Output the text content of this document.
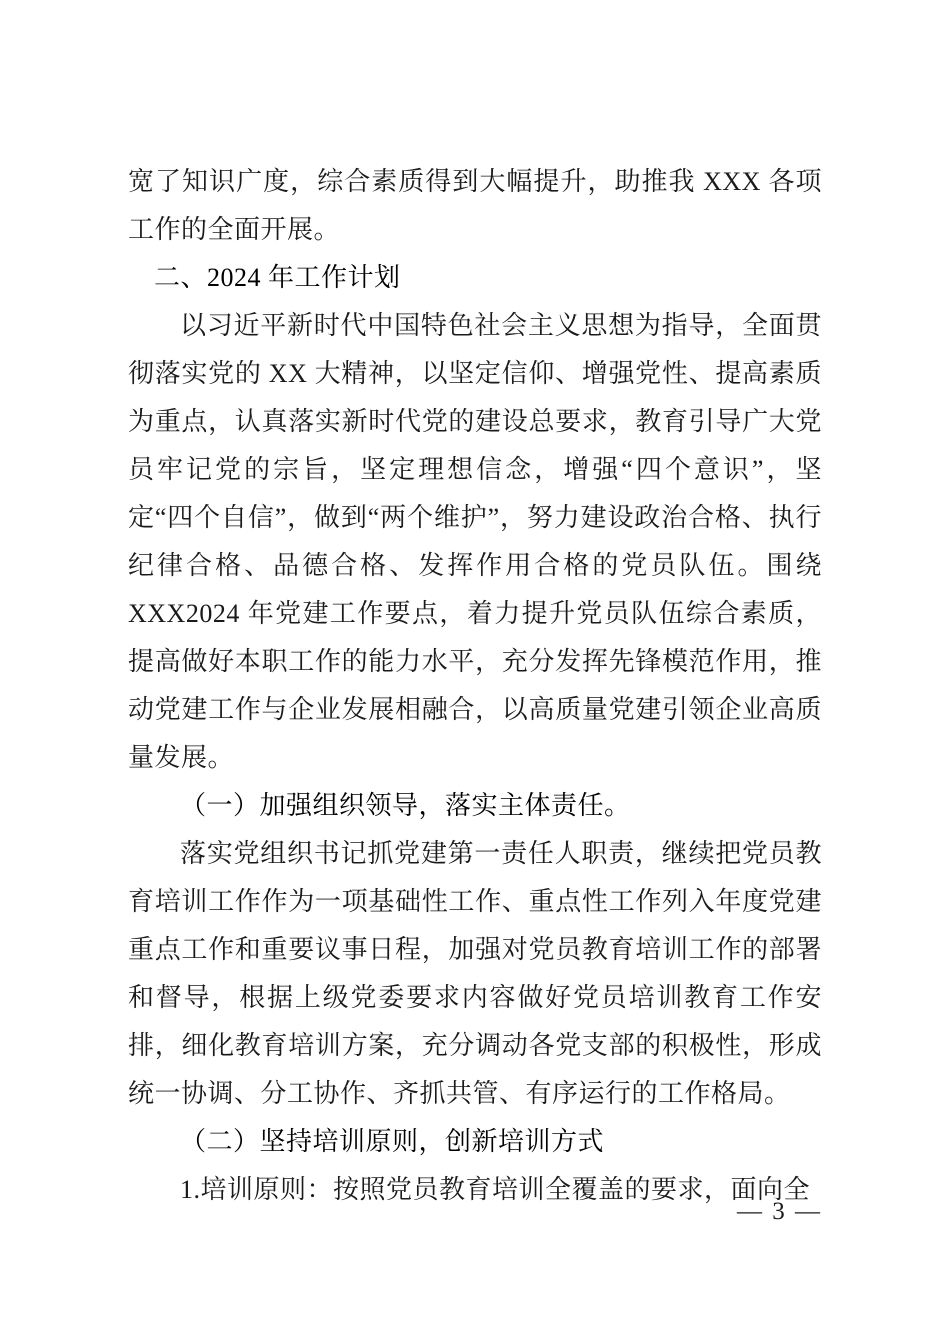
宽了知识广度，综合素质得到大幅提升，助推我 XXX 各项工作的全面开展。

二、2024 年工作计划

以习近平新时代中国特色社会主义思想为指导，全面贯彻落实党的 XX 大精神，以坚定信仰、增强党性、提高素质为重点，认真落实新时代党的建设总要求，教育引导广大党员牢记党的宗旨，坚定理想信念，增强“四个意识”，坚定“四个自信”，做到“两个维护”，努力建设政治合格、执行纪律合格、品德合格、发挥作用合格的党员队伍。围绕 XXX2024 年党建工作要点，着力提升党员队伍综合素质，提高做好本职工作的能力水平，充分发挥先锋模范作用，推动党建工作与企业发展相融合，以高质量党建引领企业高质量发展。

（一）加强组织领导，落实主体责任。

落实党组织书记抓党建第一责任人职责，继续把党员教育培训工作作为一项基础性工作、重点性工作列入年度党建重点工作和重要议事日程，加强对党员教育培训工作的部署和督导，根据上级党委要求内容做好党员培训教育工作安排，细化教育培训方案，充分调动各党支部的积极性，形成统一协调、分工协作、齐抓共管、有序运行的工作格局。

（二）坚持培训原则，创新培训方式

1.培训原则：按照党员教育培训全覆盖的要求，面向全

— 3 —
